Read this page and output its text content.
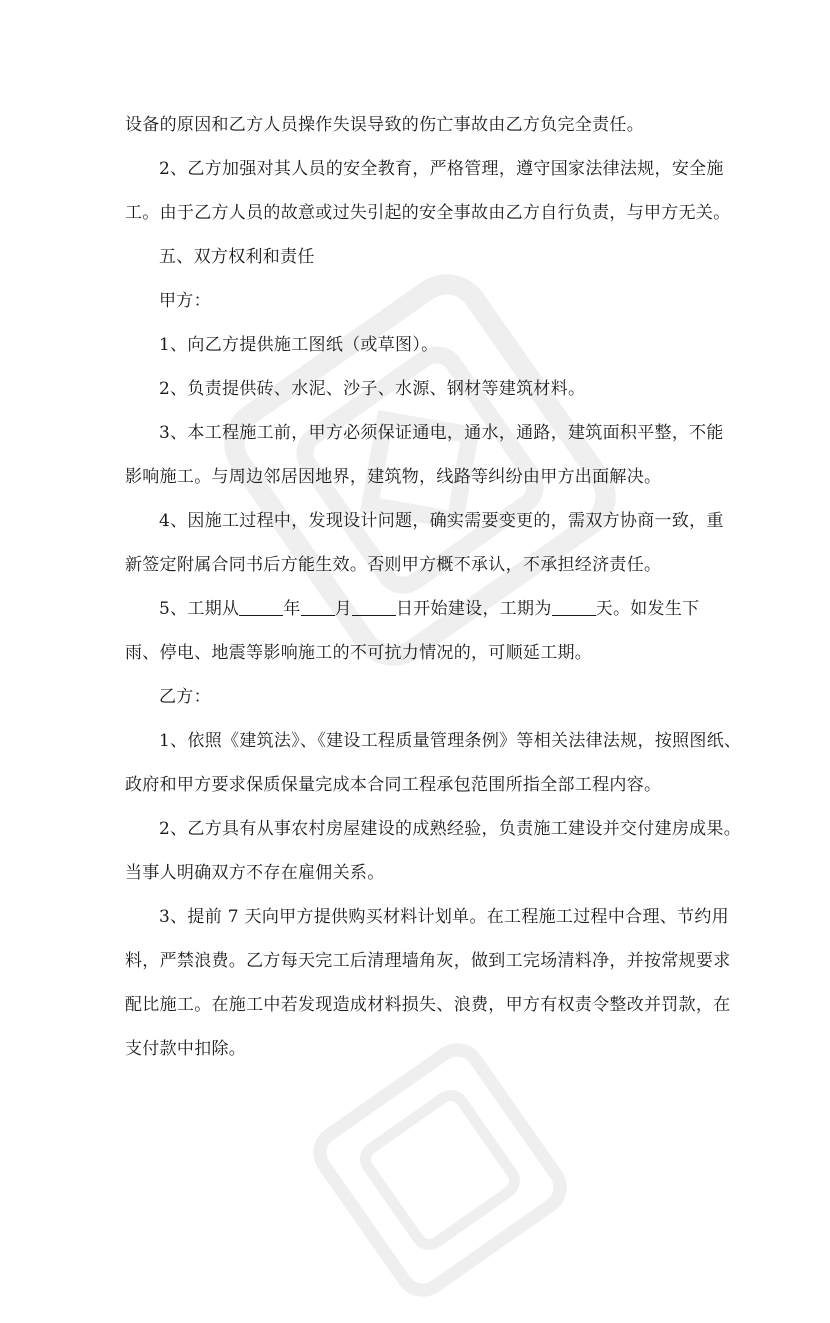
设备的原因和乙方人员操作失误导致的伤亡事故由乙方负完全责任。

2、乙方加强对其人员的安全教育，严格管理，遵守国家法律法规，安全施

工。由于乙方人员的故意或过失引起的安全事故由乙方自行负责，与甲方无关。

五、双方权利和责任

甲方：

1、向乙方提供施工图纸（或草图）。

2、负责提供砖、水泥、沙子、水源、钢材等建筑材料。

3、本工程施工前，甲方必须保证通电，通水，通路，建筑面积平整，不能

影响施工。与周边邻居因地界，建筑物，线路等纠纷由甲方出面解决。

4、因施工过程中，发现设计问题，确实需要变更的，需双方协商一致，重

新签定附属合同书后方能生效。否则甲方概不承认，不承担经济责任。

5、工期从	年 月	日开始建设，工期为	天。如发生下

雨、停电、地震等影响施工的不可抗力情况的，可顺延工期。

乙方：

1、依照《建筑法》、《建设工程质量管理条例》等相关法律法规，按照图纸、

政府和甲方要求保质保量完成本合同工程承包范围所指全部工程内容。

2、乙方具有从事农村房屋建设的成熟经验，负责施工建设并交付建房成果。

当事人明确双方不存在雇佣关系。

3、提前 7 天向甲方提供购买材料计划单。在工程施工过程中合理、节约用

料，严禁浪费。乙方每天完工后清理墙角灰，做到工完场清料净，并按常规要求

配比施工。在施工中若发现造成材料损失、浪费，甲方有权责令整改并罚款，在

支付款中扣除。
